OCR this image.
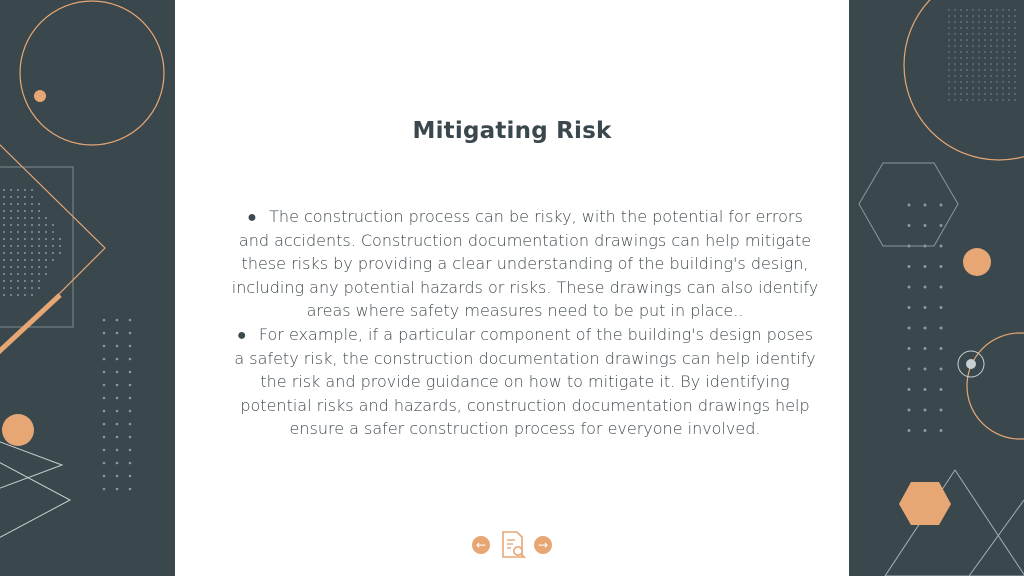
Mitigating Risk

● The construction process can be risky, with the potential for errors and accidents. Construction documentation drawings can help mitigate these risks by providing a clear understanding of the building's design, including any potential hazards or risks. These drawings can also identify areas where safety measures need to be put in place..

● For example, if a particular component of the building's design poses a safety risk, the construction documentation drawings can help identify the risk and provide guidance on how to mitigate it. By identifying potential risks and hazards, construction documentation drawings help ensure a safer construction process for everyone involved.

←	→
